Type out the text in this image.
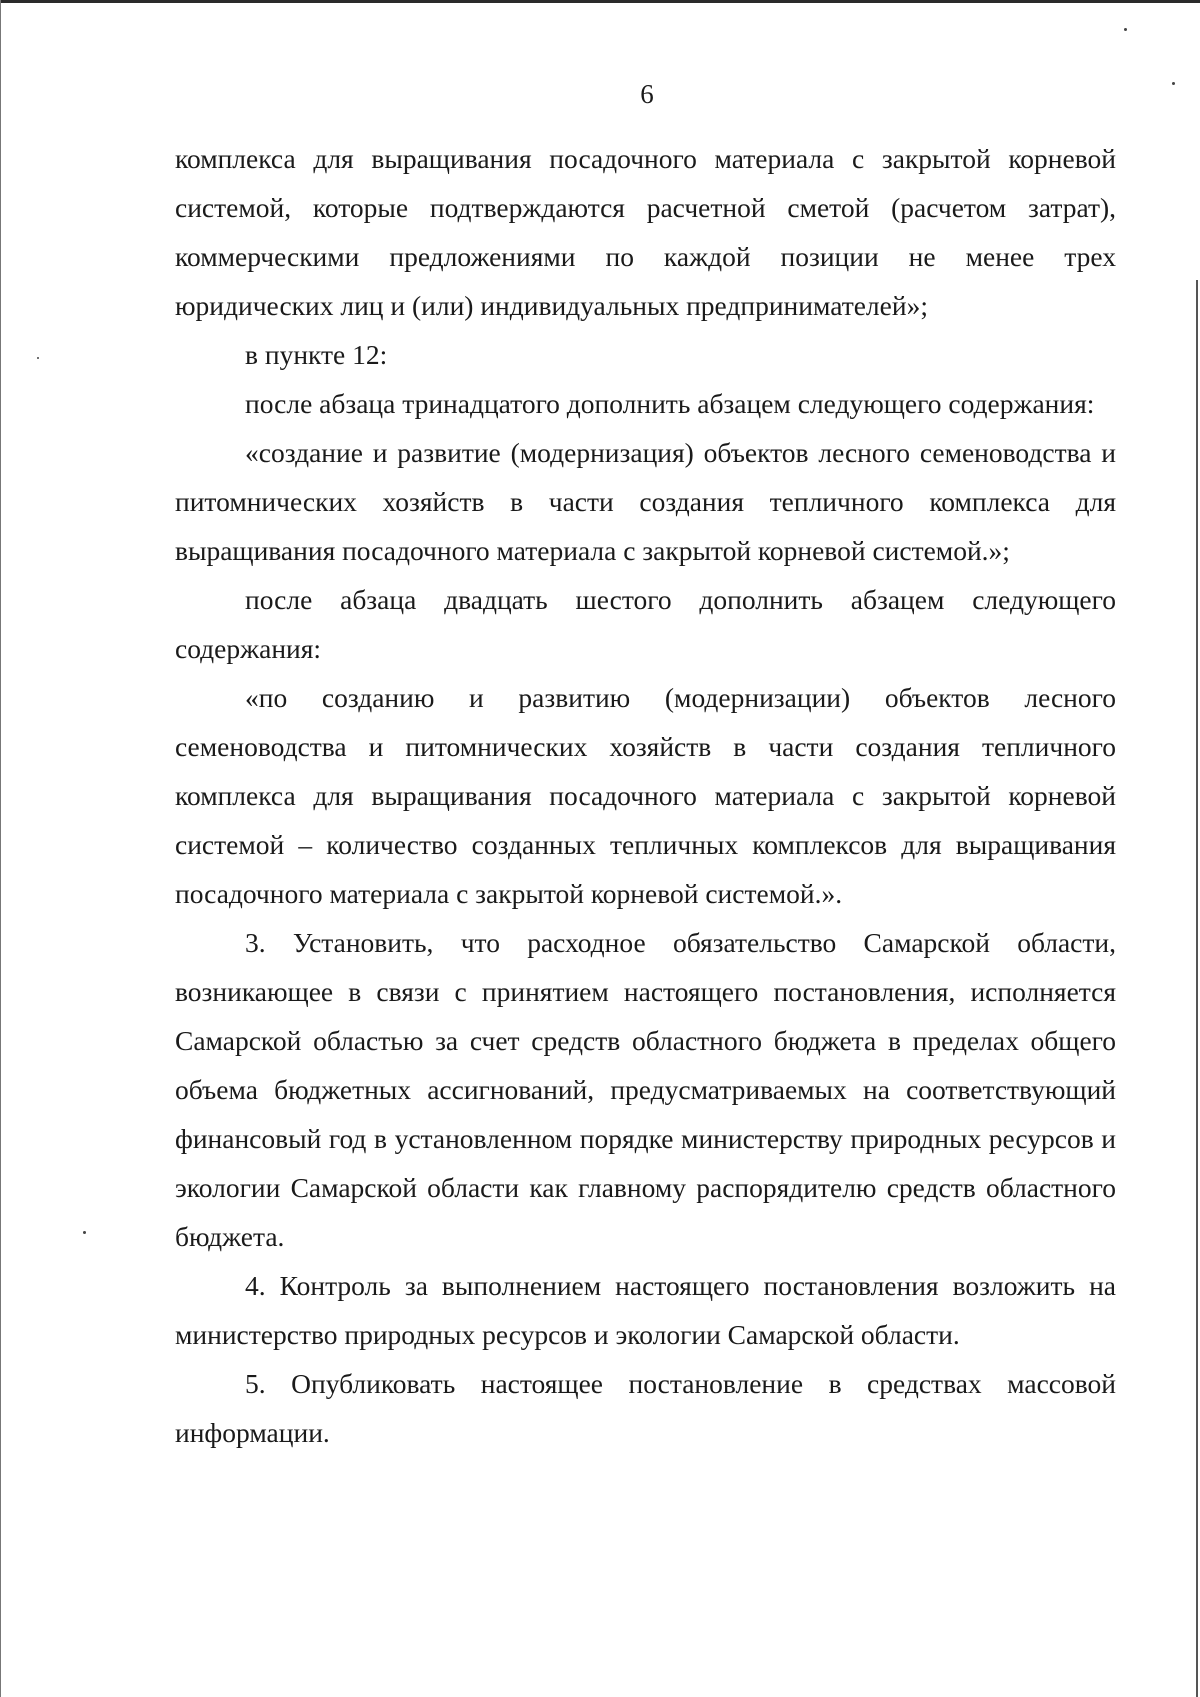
6

комплекса для выращивания посадочного материала с закрытой корневой системой, которые подтверждаются расчетной сметой (расчетом затрат), коммерческими предложениями по каждой позиции не менее трех юридических лиц и (или) индивидуальных предпринимателей»;

в пункте 12:

после абзаца тринадцатого дополнить абзацем следующего содержания:

«создание и развитие (модернизация) объектов лесного семеноводства и питомнических хозяйств в части создания тепличного комплекса для выращивания посадочного материала с закрытой корневой системой.»;

после абзаца двадцать шестого дополнить абзацем следующего содержания:

«по созданию и развитию (модернизации) объектов лесного семеноводства и питомнических хозяйств в части создания тепличного комплекса для выращивания посадочного материала с закрытой корневой системой – количество созданных тепличных комплексов для выращивания посадочного материала с закрытой корневой системой.».

3. Установить, что расходное обязательство Самарской области, возникающее в связи с принятием настоящего постановления, исполняется Самарской областью за счет средств областного бюджета в пределах общего объема бюджетных ассигнований, предусматриваемых на соответствующий финансовый год в установленном порядке министерству природных ресурсов и экологии Самарской области как главному распорядителю средств областного бюджета.

4. Контроль за выполнением настоящего постановления возложить на министерство природных ресурсов и экологии Самарской области.

5. Опубликовать настоящее постановление в средствах массовой информации.
